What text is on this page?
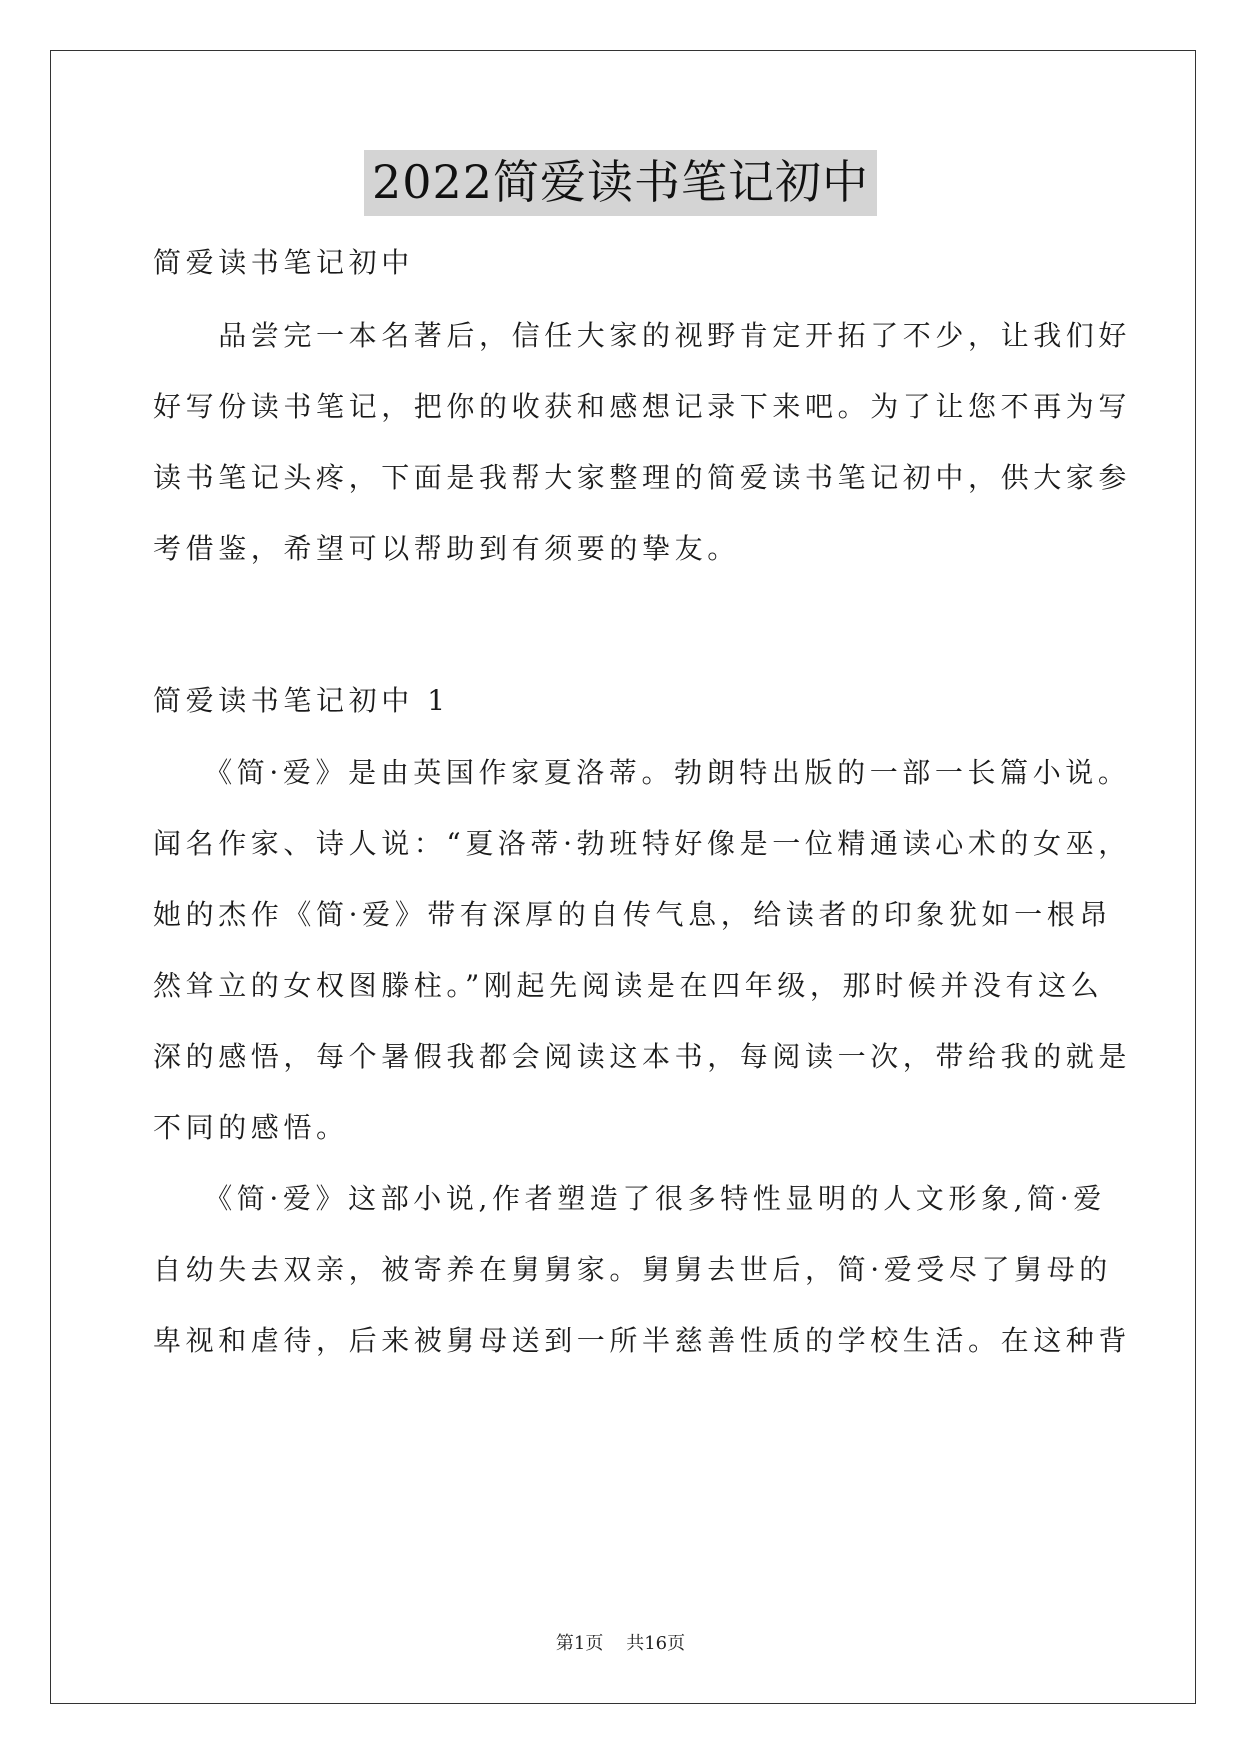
2022简爱读书笔记初中
简爱读书笔记初中
　　品尝完一本名著后，信任大家的视野肯定开拓了不少，让我们好
好写份读书笔记，把你的收获和感想记录下来吧。为了让您不再为写
读书笔记头疼，下面是我帮大家整理的简爱读书笔记初中，供大家参
考借鉴，希望可以帮助到有须要的挚友。
简爱读书笔记初中 1
　　《简·爱》是由英国作家夏洛蒂。勃朗特出版的一部一长篇小说。
闻名作家、诗人说：“夏洛蒂·勃班特好像是一位精通读心术的女巫，
她的杰作《简·爱》带有深厚的自传气息，给读者的印象犹如一根昂
然耸立的女权图滕柱。”刚起先阅读是在四年级，那时候并没有这么
深的感悟，每个暑假我都会阅读这本书，每阅读一次，带给我的就是
不同的感悟。
　　《简·爱》这部小说,作者塑造了很多特性显明的人文形象,简·爱
自幼失去双亲，被寄养在舅舅家。舅舅去世后，简·爱受尽了舅母的
卑视和虐待，后来被舅母送到一所半慈善性质的学校生活。在这种背
第1页 共16页
